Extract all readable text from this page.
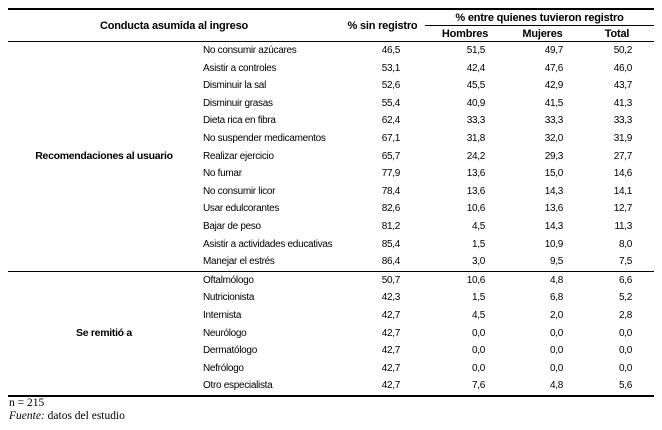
Conducta asumida al ingreso		% sin registro	% entre quienes tuvieron registro		
			Hombres	Mujeres	Total
Recomendaciones al usuario	No consumir azúcares	46,5	51,5	49,7	50,2
	Asistir a controles	53,1	42,4	47,6	46,0
	Disminuir la sal	52,6	45,5	42,9	43,7
	Disminuir grasas	55,4	40,9	41,5	41,3
	Dieta rica en fibra	62,4	33,3	33,3	33,3
	No suspender medicamentos	67,1	31,8	32,0	31,9
	Realizar ejercicio	65,7	24,2	29,3	27,7
	No fumar	77,9	13,6	15,0	14,6
	No consumir licor	78,4	13,6	14,3	14,1
	Usar edulcorantes	82,6	10,6	13,6	12,7
	Bajar de peso	81,2	4,5	14,3	11,3
	Asistir a actividades educativas	85,4	1,5	10,9	8,0
	Manejar el estrés	86,4	3,0	9,5	7,5
Se remitió a	Oftalmólogo	50,7	10,6	4,8	6,6
	Nutricionista	42,3	1,5	6,8	5,2
	Internista	42,7	4,5	2,0	2,8
	Neurólogo	42,7	0,0	0,0	0,0
	Dermatólogo	42,7	0,0	0,0	0,0
	Nefrólogo	42,7	0,0	0,0	0,0
	Otro especialista	42,7	7,6	4,8	5,6
n = 215
Fuente: datos del estudio
